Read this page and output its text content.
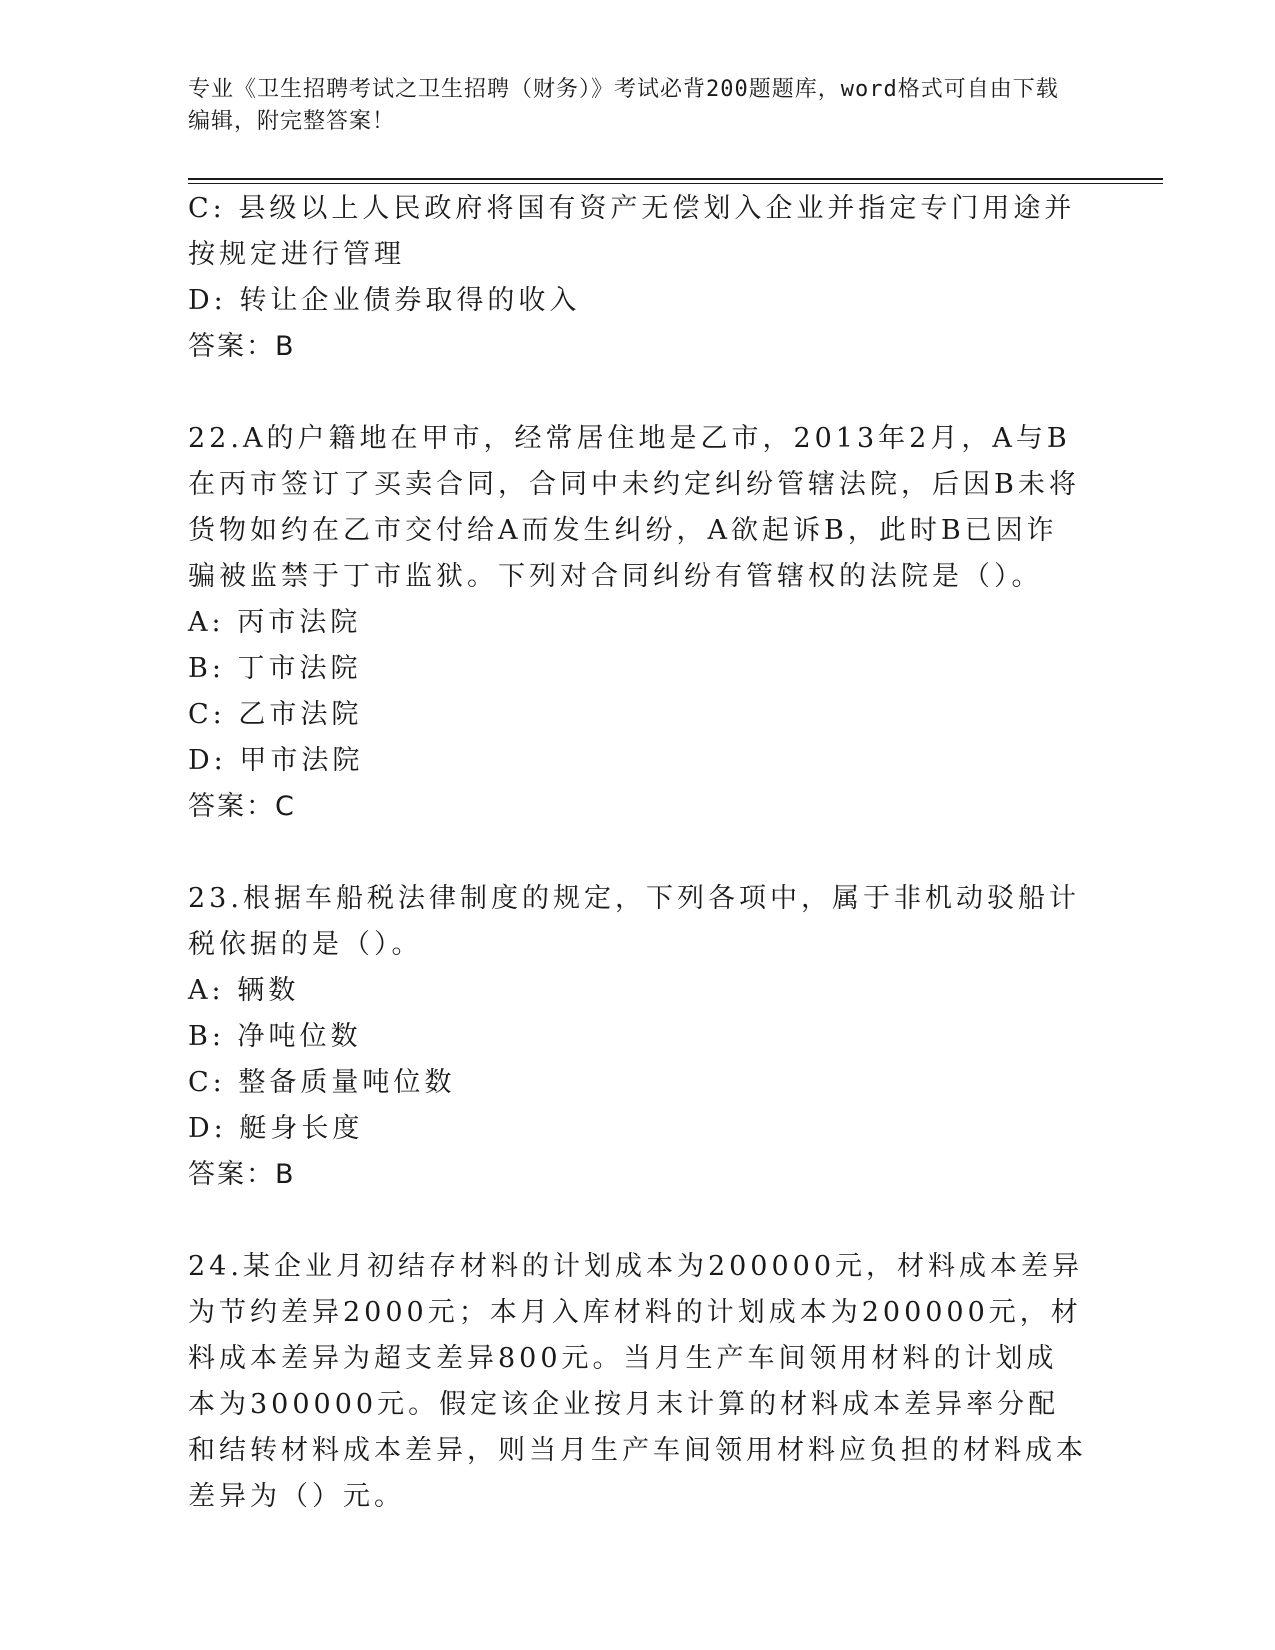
专业《卫生招聘考试之卫生招聘（财务）》考试必背200题题库，word格式可自由下载编辑，附完整答案！
C: 县级以上人民政府将国有资产无偿划入企业并指定专门用途并按规定进行管理
D: 转让企业债券取得的收入
答案：B
22.A的户籍地在甲市，经常居住地是乙市，2013年2月，A与B在丙市签订了买卖合同，合同中未约定纠纷管辖法院，后因B未将货物如约在乙市交付给A而发生纠纷，A欲起诉B，此时B已因诈骗被监禁于丁市监狱。下列对合同纠纷有管辖权的法院是（）。
A: 丙市法院
B: 丁市法院
C: 乙市法院
D: 甲市法院
答案：C
23.根据车船税法律制度的规定，下列各项中，属于非机动驳船计税依据的是（）。
A: 辆数
B: 净吨位数
C: 整备质量吨位数
D: 艇身长度
答案：B
24.某企业月初结存材料的计划成本为200000元，材料成本差异为节约差异2000元；本月入库材料的计划成本为200000元，材料成本差异为超支差异800元。当月生产车间领用材料的计划成本为300000元。假定该企业按月末计算的材料成本差异率分配和结转材料成本差异，则当月生产车间领用材料应负担的材料成本差异为（）元。
